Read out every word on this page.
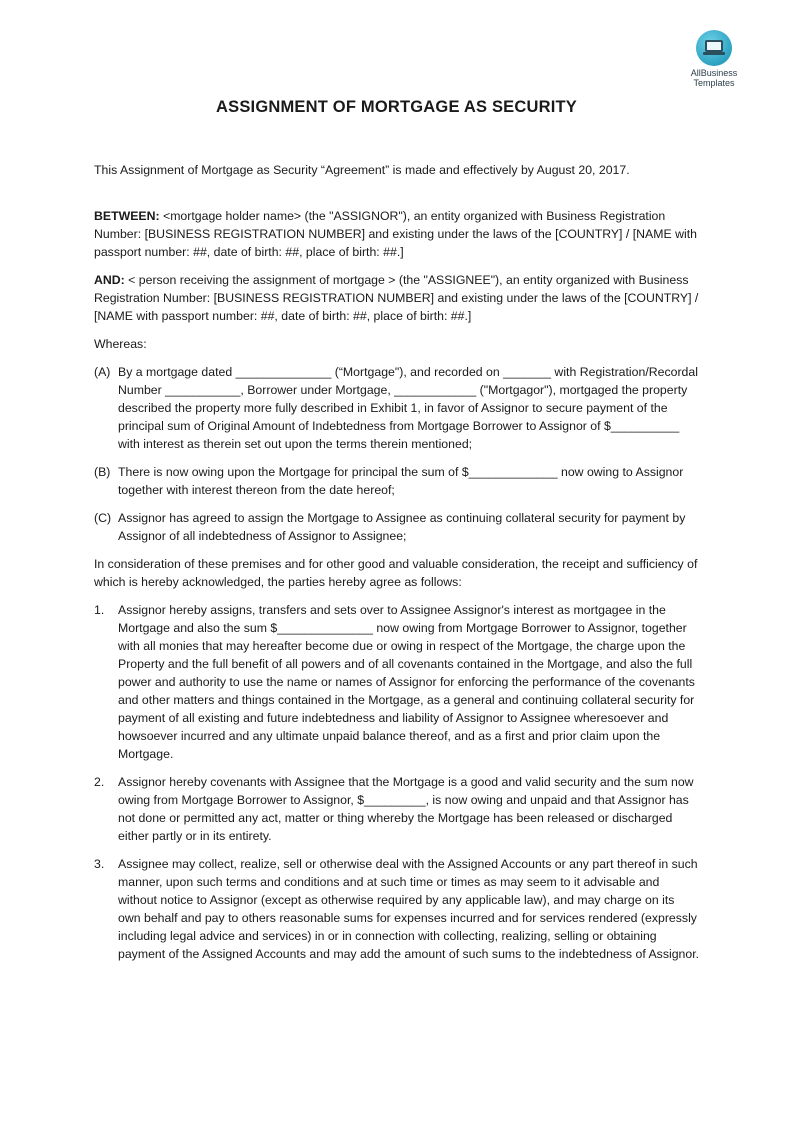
AllBusiness
Templates
ASSIGNMENT OF MORTGAGE AS SECURITY

This Assignment of Mortgage as Security “Agreement” is made and effectively by August 20, 2017.

BETWEEN: <mortgage holder name> (the "ASSIGNOR"), an entity organized with Business Registration Number: [BUSINESS REGISTRATION NUMBER] and existing under the laws of the [COUNTRY] / [NAME with passport number: ##, date of birth: ##, place of birth: ##.]

AND: < person receiving the assignment of mortgage > (the "ASSIGNEE"), an entity organized with Business Registration Number: [BUSINESS REGISTRATION NUMBER] and existing under the laws of the [COUNTRY] / [NAME with passport number: ##, date of birth: ##, place of birth: ##.]

Whereas:

(A) By a mortgage dated ______________ (“Mortgage"), and recorded on _______ with Registration/Recordal Number ___________, Borrower under Mortgage, ____________ ("Mortgagor"), mortgaged the property described the property more fully described in Exhibit 1, in favor of Assignor to secure payment of the principal sum of Original Amount of Indebtedness from Mortgage Borrower to Assignor of $__________ with interest as therein set out upon the terms therein mentioned;
(B) There is now owing upon the Mortgage for principal the sum of $_____________ now owing to Assignor together with interest thereon from the date hereof;
(C) Assignor has agreed to assign the Mortgage to Assignee as continuing collateral security for payment by Assignor of all indebtedness of Assignor to Assignee;

In consideration of these premises and for other good and valuable consideration, the receipt and sufficiency of which is hereby acknowledged, the parties hereby agree as follows:

1.	Assignor hereby assigns, transfers and sets over to Assignee Assignor's interest as mortgagee in the Mortgage and also the sum $______________ now owing from Mortgage Borrower to Assignor, together with all monies that may hereafter become due or owing in respect of the Mortgage, the charge upon the Property and the full benefit of all powers and of all covenants contained in the Mortgage, and also the full power and authority to use the name or names of Assignor for enforcing the performance of the covenants and other matters and things contained in the Mortgage, as a general and continuing collateral security for payment of all existing and future indebtedness and liability of Assignor to Assignee wheresoever and howsoever incurred and any ultimate unpaid balance thereof, and as a first and prior claim upon the Mortgage.
2.	Assignor hereby covenants with Assignee that the Mortgage is a good and valid security and the sum now owing from Mortgage Borrower to Assignor, $_________, is now owing and unpaid and that Assignor has not done or permitted any act, matter or thing whereby the Mortgage has been released or discharged either partly or in its entirety.
3.	Assignee may collect, realize, sell or otherwise deal with the Assigned Accounts or any part thereof in such manner, upon such terms and conditions and at such time or times as may seem to it advisable and without notice to Assignor (except as otherwise required by any applicable law), and may charge on its own behalf and pay to others reasonable sums for expenses incurred and for services rendered (expressly including legal advice and services) in or in connection with collecting, realizing, selling or obtaining payment of the Assigned Accounts and may add the amount of such sums to the indebtedness of Assignor.
